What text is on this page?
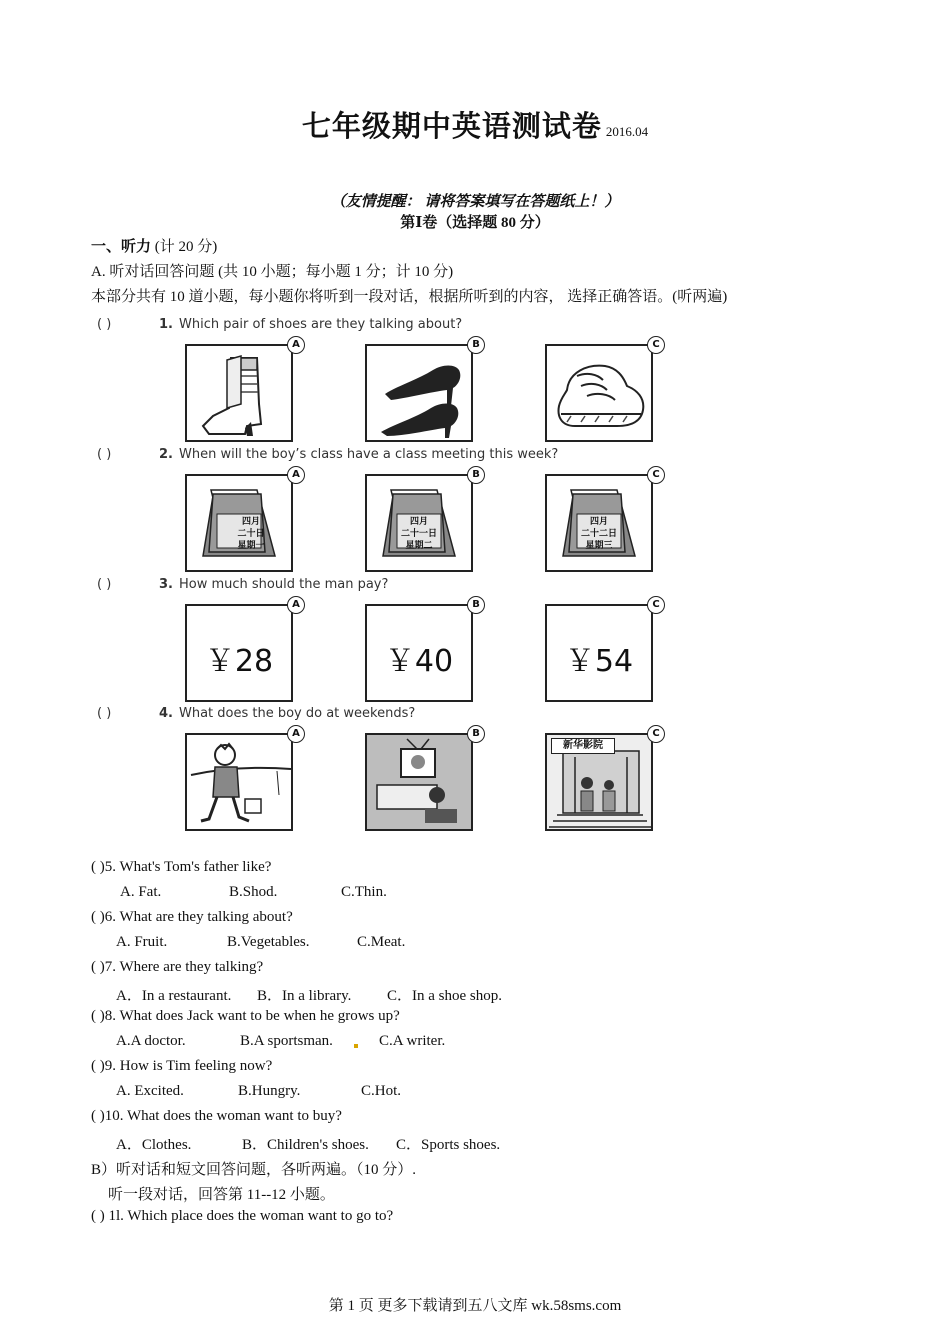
七年级期中英语测试卷 2016.04
（友情提醒： 请将答案填写在答题纸上！）
第Ⅰ卷（选择题 80 分）
一、听力 (计 20 分)
A. 听对话回答问题 (共 10 小题；每小题 1 分；计 10 分)
本部分共有 10 道小题，每小题你将听到一段对话，根据所听到的内容， 选择正确答语。(听两遍)
( )	1. Which pair of shoes are they talking about?
A	B	C
( )	2. When will the boy’s class have a class meeting this week?
四月
二十日
星期一
A
四月
二十一日
星期二
B
四月
二十二日
星期三
C
( )	3. How much should the man pay?
￥28
A
￥40
B
￥54
C
( )	4. What does the boy do at weekends?
A	B
新华影院
C
( )5. What's Tom's father like?
A. Fat.	B.Shod.	C.Thin.
( )6. What are they talking about?
A. Fruit.	B.Vegetables.	C.Meat.
( )7. Where are they talking?
A．In a restaurant. B．In a library. C．In a shoe shop.
( )8. What does Jack want to be when he grows up?
A.A doctor.	B.A sportsman.	C.A writer.
( )9. How is Tim feeling now?
A. Excited.	B.Hungry.	C.Hot.
( )10. What does the woman want to buy?
A．Clothes.	B．Children's shoes. C．Sports shoes.
B）听对话和短文回答问题，各听两遍。（10 分）.
听一段对话，回答第 11--12 小题。
( ) 1l. Which place does the woman want to go to?
第 1 页 更多下载请到五八文库 wk.58sms.com
